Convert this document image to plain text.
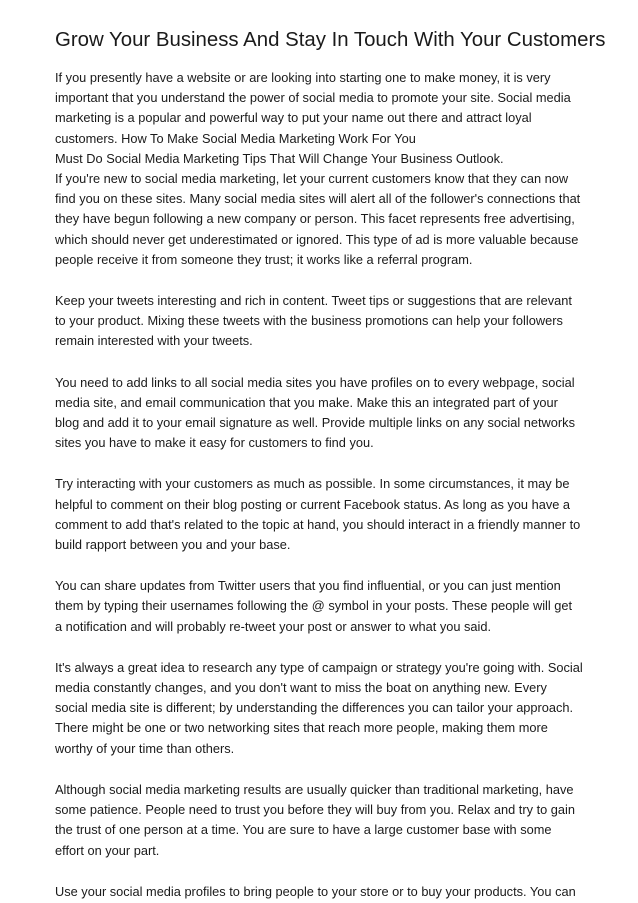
Grow Your Business And Stay In Touch With Your Customers

If you presently have a website or are looking into starting one to make money, it is very
important that you understand the power of social media to promote your site. Social media
marketing is a popular and powerful way to put your name out there and attract loyal
customers. How To Make Social Media Marketing Work For You
Must Do Social Media Marketing Tips That Will Change Your Business Outlook.
If you're new to social media marketing, let your current customers know that they can now
find you on these sites. Many social media sites will alert all of the follower's connections that
they have begun following a new company or person. This facet represents free advertising,
which should never get underestimated or ignored. This type of ad is more valuable because
people receive it from someone they trust; it works like a referral program.

Keep your tweets interesting and rich in content. Tweet tips or suggestions that are relevant
to your product. Mixing these tweets with the business promotions can help your followers
remain interested with your tweets.

You need to add links to all social media sites you have profiles on to every webpage, social
media site, and email communication that you make. Make this an integrated part of your
blog and add it to your email signature as well. Provide multiple links on any social networks
sites you have to make it easy for customers to find you.

Try interacting with your customers as much as possible. In some circumstances, it may be
helpful to comment on their blog posting or current Facebook status. As long as you have a
comment to add that's related to the topic at hand, you should interact in a friendly manner to
build rapport between you and your base.

You can share updates from Twitter users that you find influential, or you can just mention
them by typing their usernames following the @ symbol in your posts. These people will get
a notification and will probably re-tweet your post or answer to what you said.

It's always a great idea to research any type of campaign or strategy you're going with. Social
media constantly changes, and you don't want to miss the boat on anything new. Every
social media site is different; by understanding the differences you can tailor your approach.
There might be one or two networking sites that reach more people, making them more
worthy of your time than others.

Although social media marketing results are usually quicker than traditional marketing, have
some patience. People need to trust you before they will buy from you. Relax and try to gain
the trust of one person at a time. You are sure to have a large customer base with some
effort on your part.

Use your social media profiles to bring people to your store or to buy your products. You can
